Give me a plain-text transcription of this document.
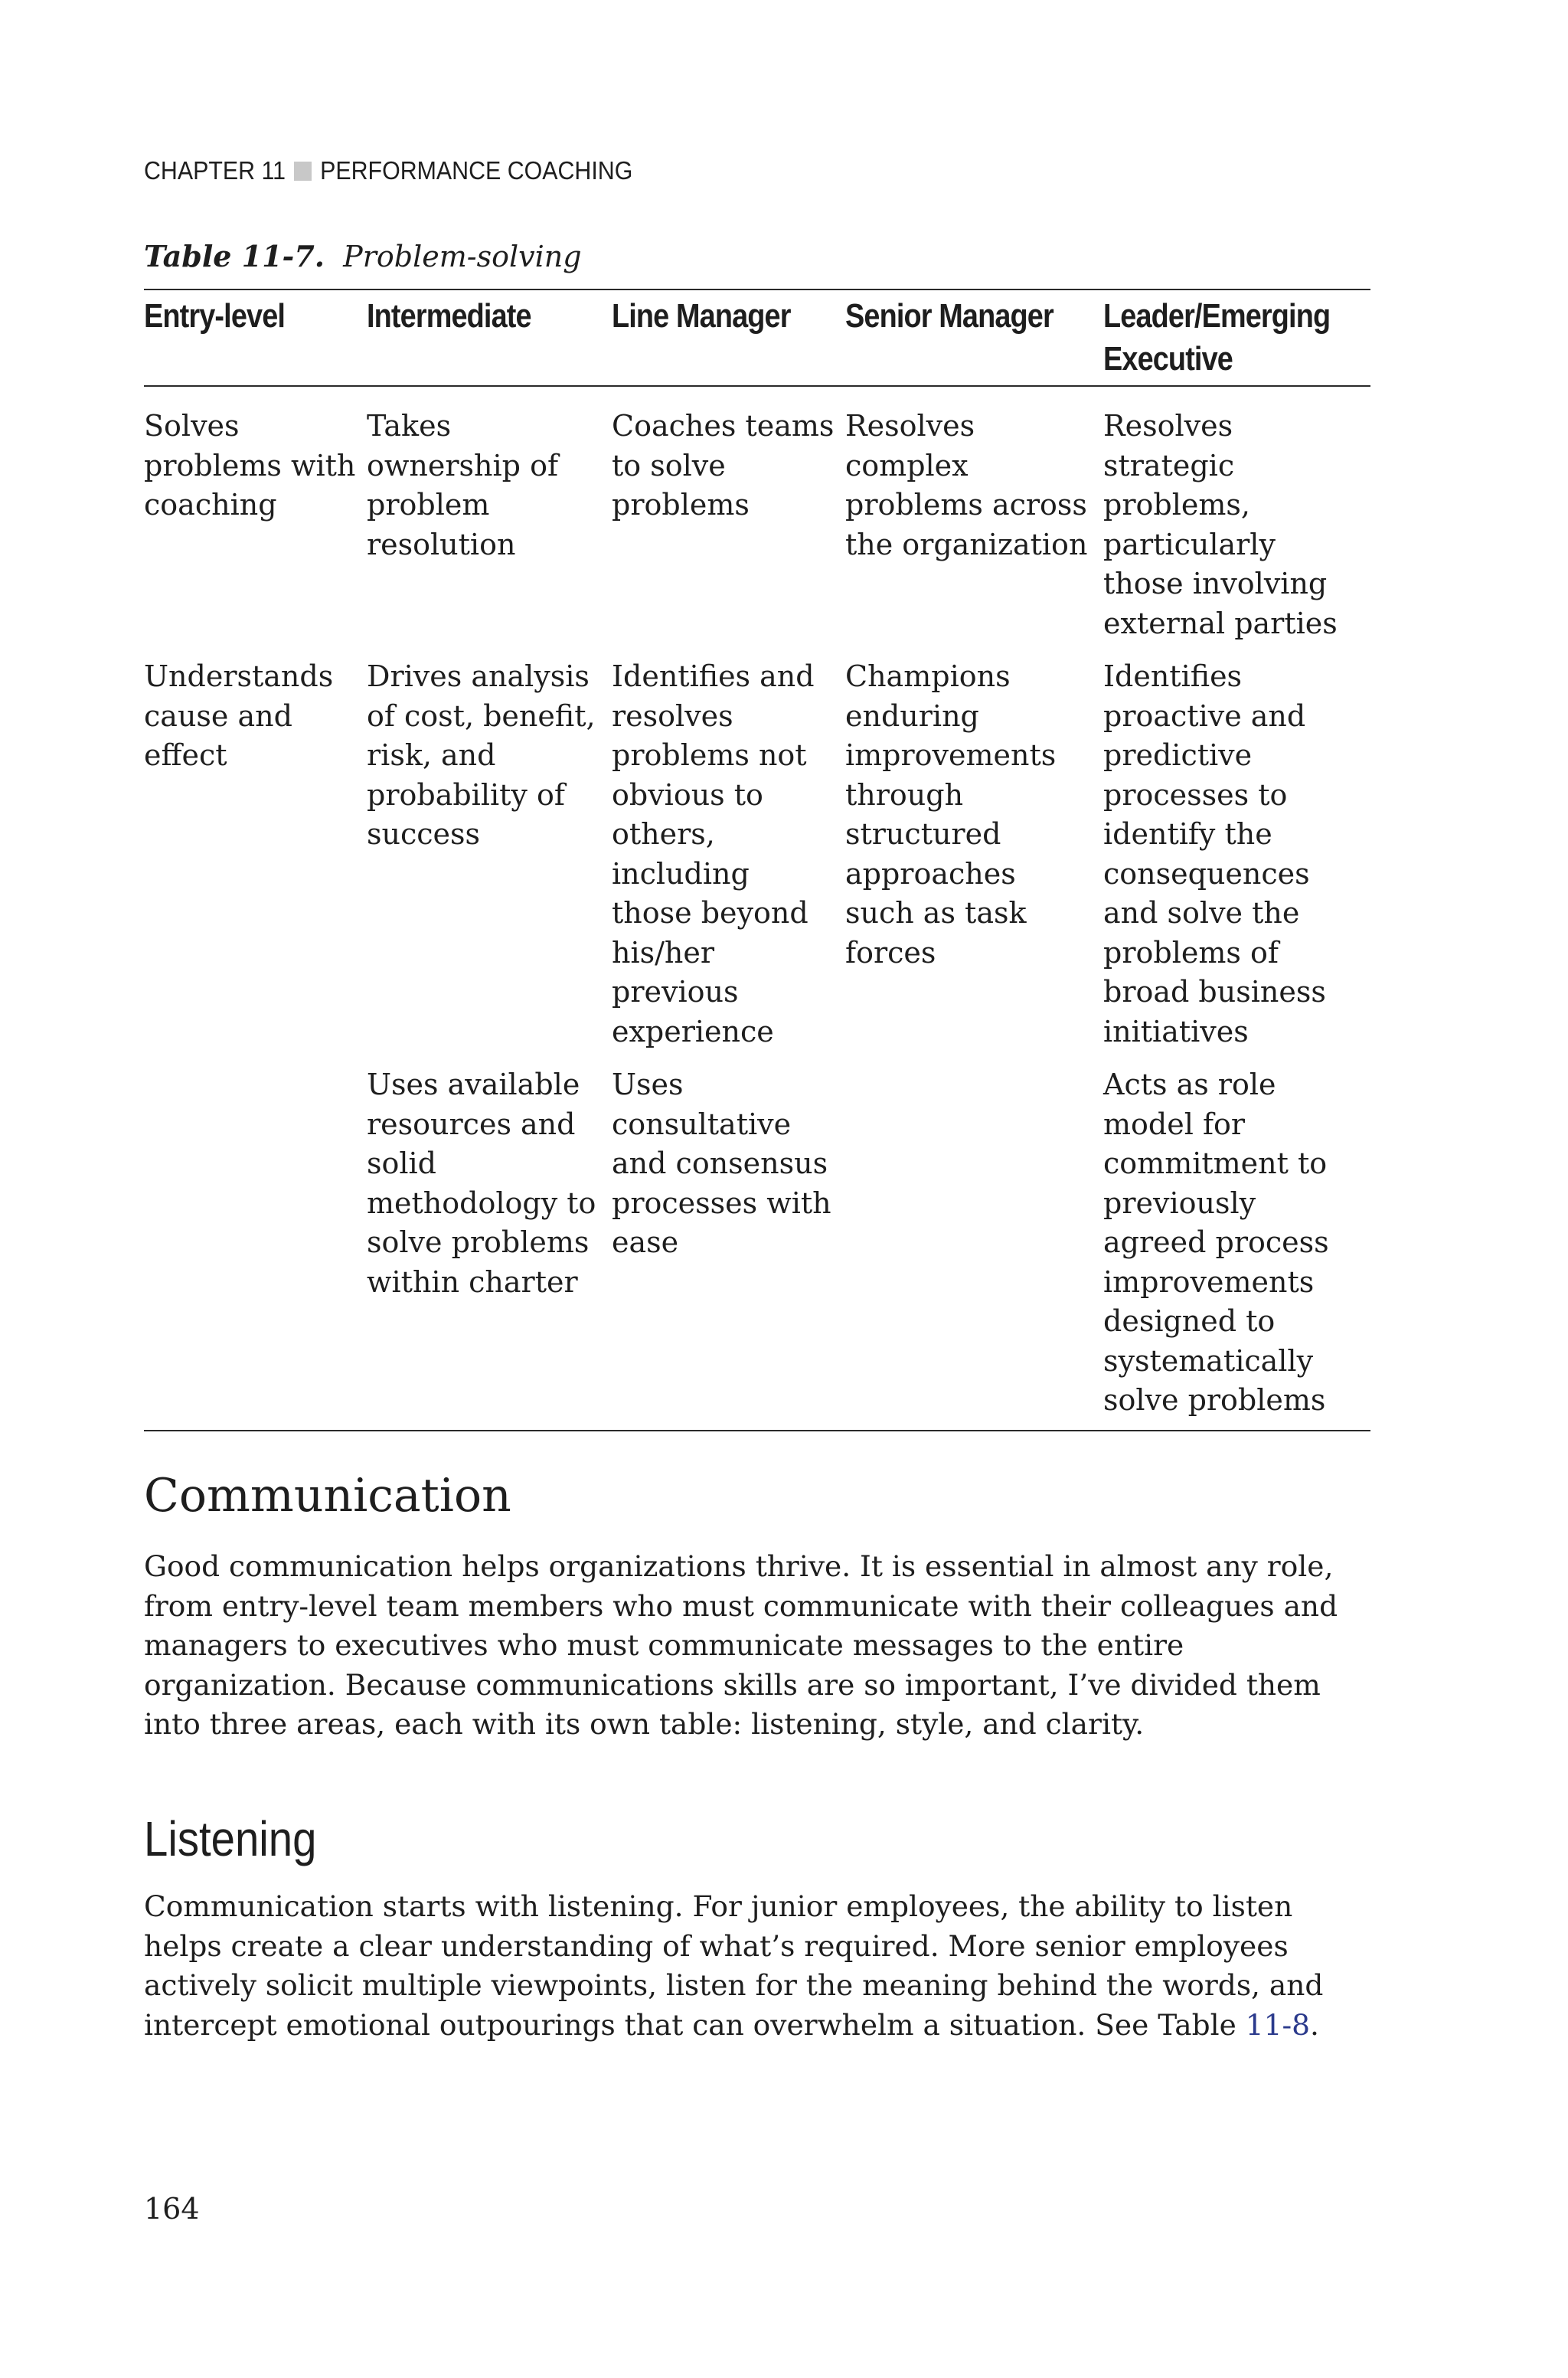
CHAPTER 11 PERFORMANCE COACHING
Table 11-7. Problem-solving
Entry-level	Intermediate	Line Manager	Senior Manager	Leader/Emerging Executive
Solves problems with coaching	Takes ownership of problem resolution	Coaches teams to solve problems	Resolves complex problems across the organization	Resolves strategic problems, particularly those involving external parties

Understands cause and effect	Drives analysis of cost, benefit, risk, and probability of success	Identifies and resolves problems not obvious to others, including those beyond his/her previous experience	Champions enduring improvements through structured approaches such as task forces	Identifies proactive and predictive processes to identify the consequences and solve the problems of broad business initiatives

	Uses available resources and solid methodology to solve problems within charter	Uses consultative and consensus processes with ease		Acts as role model for commitment to previously agreed process improvements designed to systematically solve problems
Communication

Good communication helps organizations thrive. It is essential in almost any role, from entry-level team members who must communicate with their colleagues and managers to executives who must communicate messages to the entire organization. Because communications skills are so important, I’ve divided them into three areas, each with its own table: listening, style, and clarity.

Listening

Communication starts with listening. For junior employees, the ability to listen helps create a clear understanding of what’s required. More senior employees actively solicit multiple viewpoints, listen for the meaning behind the words, and intercept emotional outpourings that can overwhelm a situation. See Table 11-8.

164
